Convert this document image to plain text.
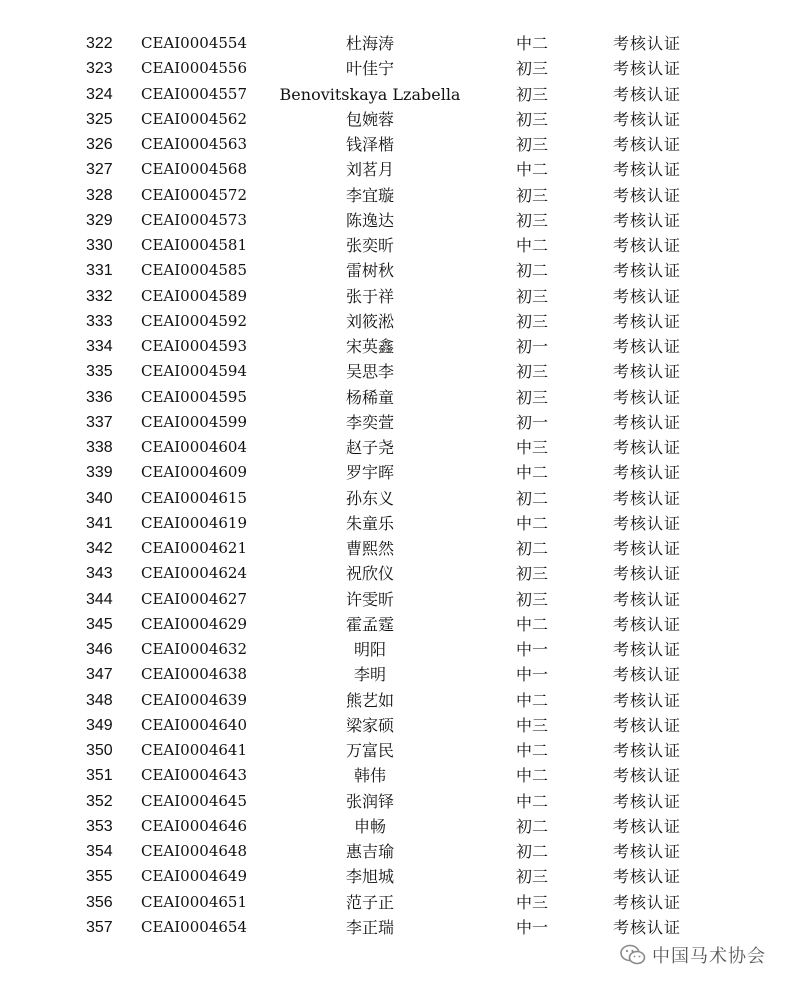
322 CEAI0004554	杜海涛	中二	考核认证
323 CEAI0004556	叶佳宁	初三	考核认证
324 CEAI0004557	Benovitskaya Lzabella	初三	考核认证
325 CEAI0004562	包婉蓉	初三	考核认证
326 CEAI0004563	钱泽楷	初三	考核认证
327 CEAI0004568	刘茗月	中二	考核认证
328 CEAI0004572	李宜璇	初三	考核认证
329 CEAI0004573	陈逸达	初三	考核认证
330 CEAI0004581	张奕昕	中二	考核认证
331 CEAI0004585	雷树秋	初二	考核认证
332 CEAI0004589	张于祥	初三	考核认证
333 CEAI0004592	刘筱淞	初三	考核认证
334 CEAI0004593	宋英鑫	初一	考核认证
335 CEAI0004594	吴思李	初三	考核认证
336 CEAI0004595	杨稀童	初三	考核认证
337 CEAI0004599	李奕萱	初一	考核认证
338 CEAI0004604	赵子尧	中三	考核认证
339 CEAI0004609	罗宇晖	中二	考核认证
340 CEAI0004615	孙东义	初二	考核认证
341 CEAI0004619	朱童乐	中二	考核认证
342 CEAI0004621	曹熙然	初二	考核认证
343 CEAI0004624	祝欣仪	初三	考核认证
344 CEAI0004627	许雯昕	初三	考核认证
345 CEAI0004629	霍孟霆	中二	考核认证
346 CEAI0004632	明阳	中一	考核认证
347 CEAI0004638	李明	中一	考核认证
348 CEAI0004639	熊艺如	中二	考核认证
349 CEAI0004640	梁家硕	中三	考核认证
350 CEAI0004641	万富民	中二	考核认证
351 CEAI0004643	韩伟	中二	考核认证
352 CEAI0004645	张润铎	中二	考核认证
353 CEAI0004646	申畅	初二	考核认证
354 CEAI0004648	惠吉瑜	初二	考核认证
355 CEAI0004649	李旭城	初三	考核认证
356 CEAI0004651	范子正	中三	考核认证
357 CEAI0004654	李正瑞	中一	考核认证
中国马术协会
